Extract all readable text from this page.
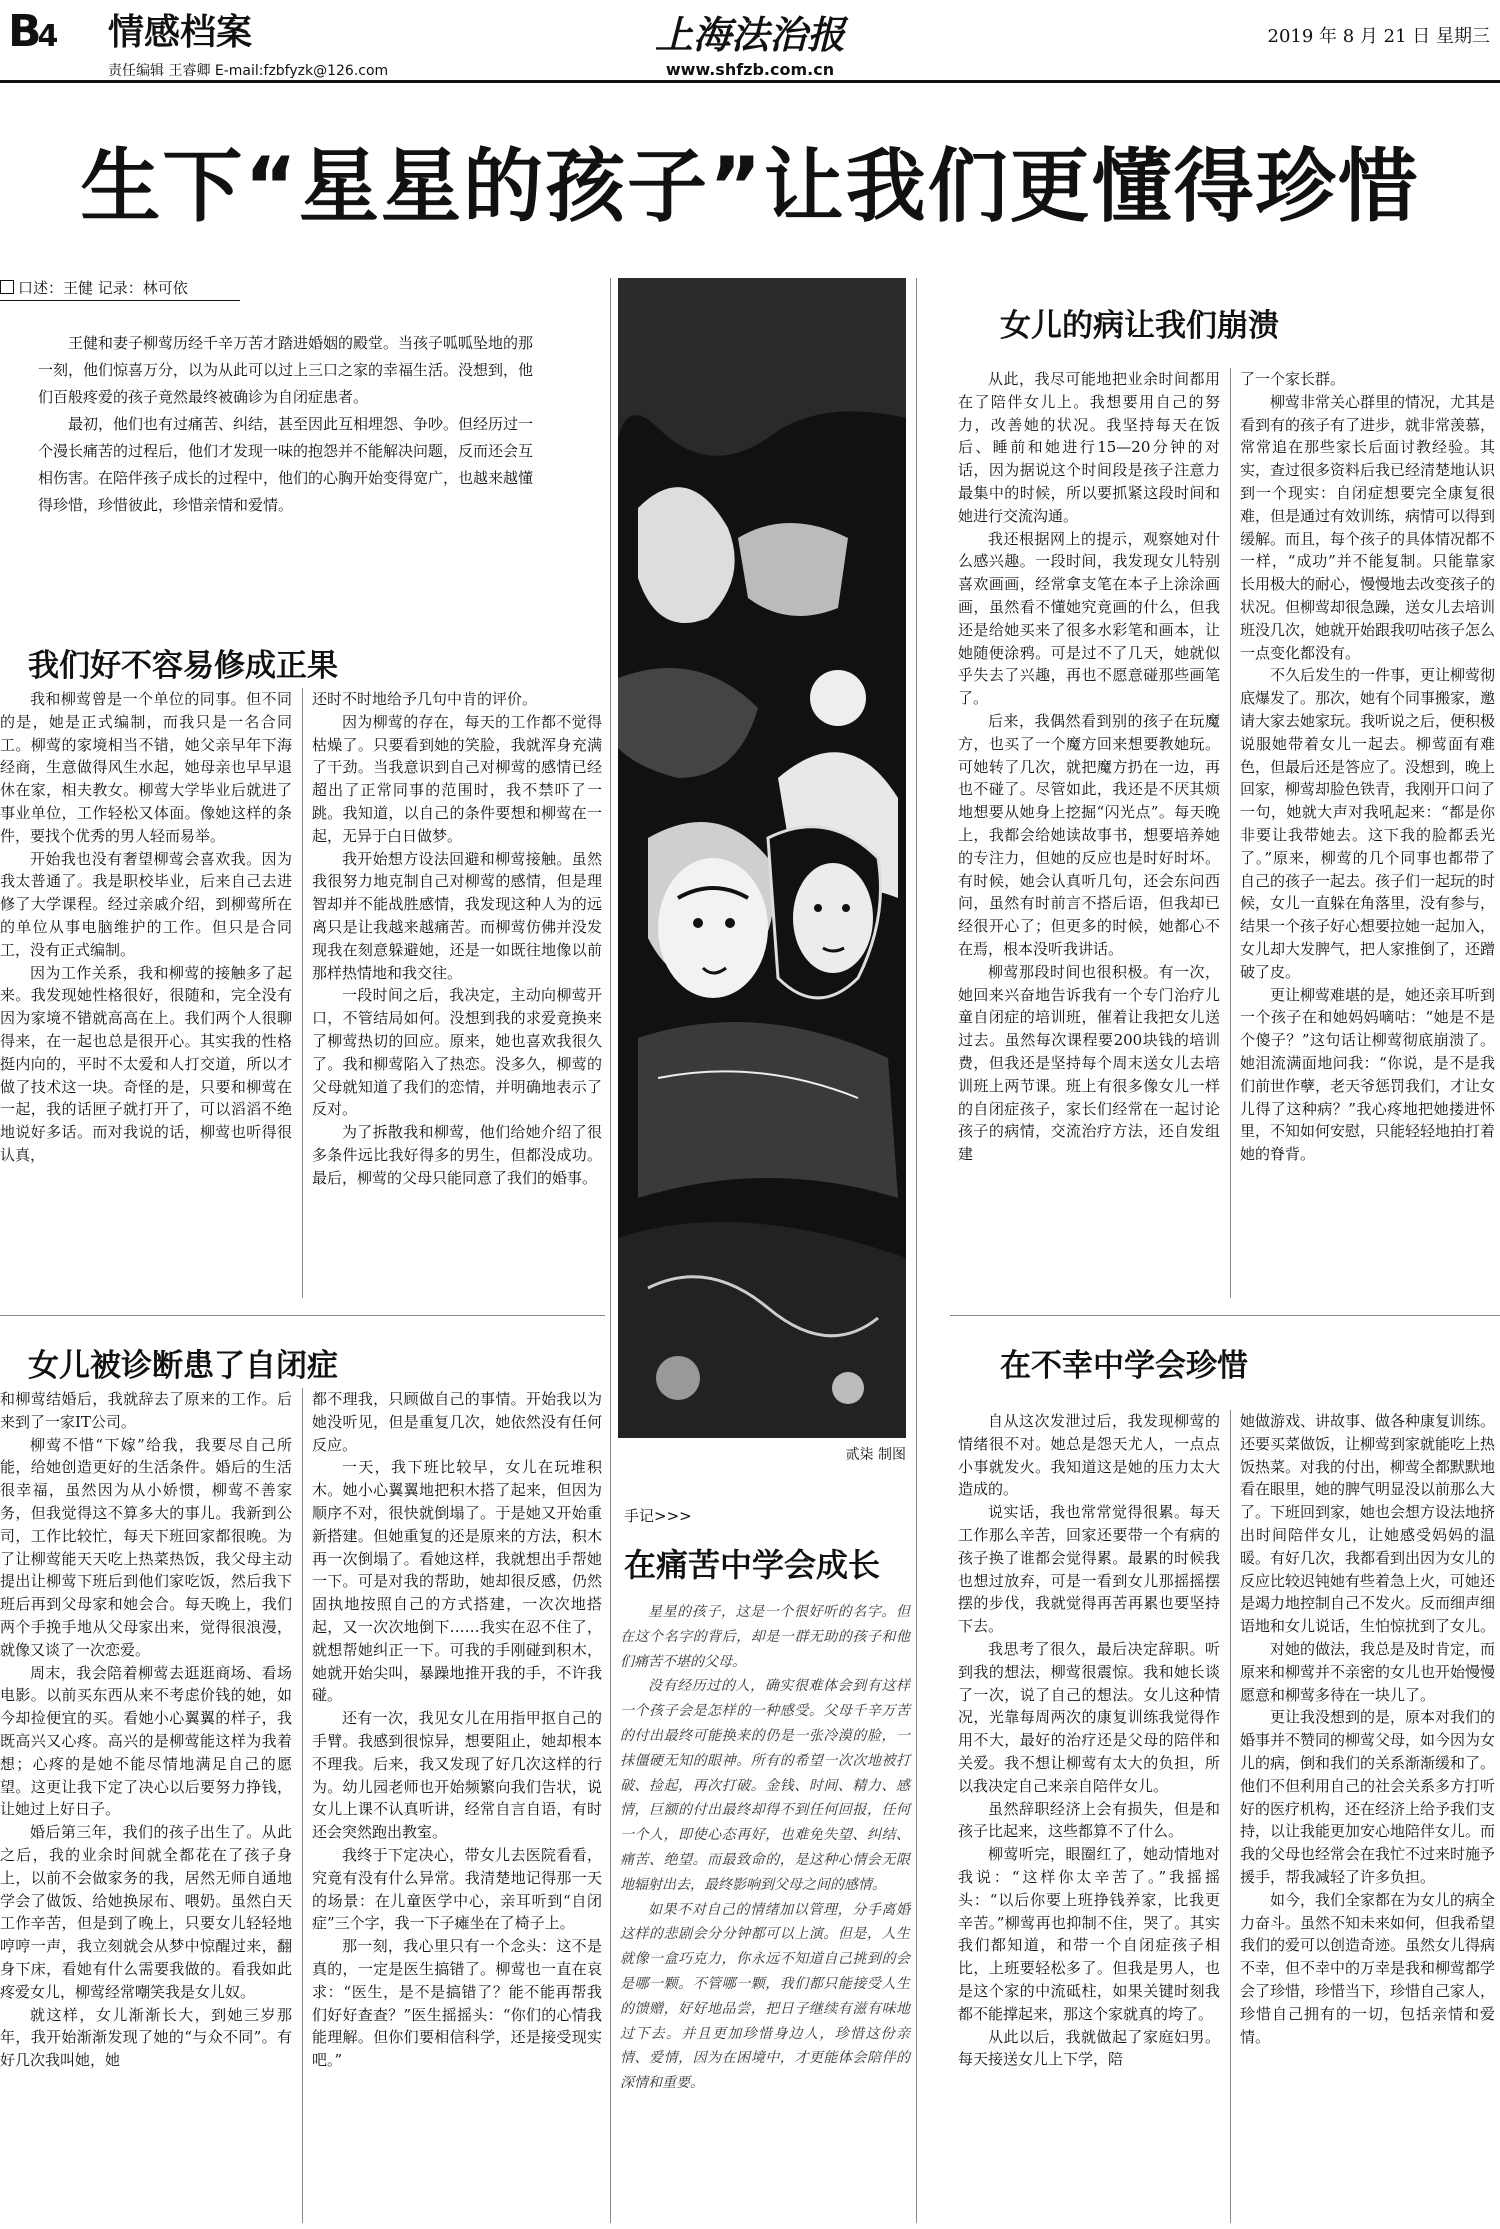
B4 情感档案
责任编辑 王睿卿 E-mail:fzbfyzk@126.com
上海法治报
www.shfzb.com.cn
2019 年 8 月 21 日 星期三
生下“星星的孩子”让我们更懂得珍惜
口述：王健 记录：林可依

王健和妻子柳莺历经千辛万苦才踏进婚姻的殿堂。当孩子呱呱坠地的那一刻，他们惊喜万分，以为从此可以过上三口之家的幸福生活。没想到，他们百般疼爱的孩子竟然最终被确诊为自闭症患者。

最初，他们也有过痛苦、纠结，甚至因此互相埋怨、争吵。但经历过一个漫长痛苦的过程后，他们才发现一味的抱怨并不能解决问题，反而还会互相伤害。在陪伴孩子成长的过程中，他们的心胸开始变得宽广，也越来越懂得珍惜，珍惜彼此，珍惜亲情和爱情。

我们好不容易修成正果

我和柳莺曾是一个单位的同事。但不同的是，她是正式编制，而我只是一名合同工。柳莺的家境相当不错，她父亲早年下海经商，生意做得风生水起，她母亲也早早退休在家，相夫教女。柳莺大学毕业后就进了事业单位，工作轻松又体面。像她这样的条件，要找个优秀的男人轻而易举。

开始我也没有奢望柳莺会喜欢我。因为我太普通了。我是职校毕业，后来自己去进修了大学课程。经过亲戚介绍，到柳莺所在的单位从事电脑维护的工作。但只是合同工，没有正式编制。

因为工作关系，我和柳莺的接触多了起来。我发现她性格很好，很随和，完全没有因为家境不错就高高在上。我们两个人很聊得来，在一起也总是很开心。其实我的性格挺内向的，平时不太爱和人打交道，所以才做了技术这一块。奇怪的是，只要和柳莺在一起，我的话匣子就打开了，可以滔滔不绝地说好多话。而对我说的话，柳莺也听得很认真，

还时不时地给予几句中肯的评价。

因为柳莺的存在，每天的工作都不觉得枯燥了。只要看到她的笑脸，我就浑身充满了干劲。当我意识到自己对柳莺的感情已经超出了正常同事的范围时，我不禁吓了一跳。我知道，以自己的条件要想和柳莺在一起，无异于白日做梦。

我开始想方设法回避和柳莺接触。虽然我很努力地克制自己对柳莺的感情，但是理智却并不能战胜感情，我发现这种人为的远离只是让我越来越痛苦。而柳莺仿佛并没发现我在刻意躲避她，还是一如既往地像以前那样热情地和我交往。

一段时间之后，我决定，主动向柳莺开口，不管结局如何。没想到我的求爱竟换来了柳莺热切的回应。原来，她也喜欢我很久了。我和柳莺陷入了热恋。没多久，柳莺的父母就知道了我们的恋情，并明确地表示了反对。

为了拆散我和柳莺，他们给她介绍了很多条件远比我好得多的男生，但都没成功。最后，柳莺的父母只能同意了我们的婚事。

女儿被诊断患了自闭症

和柳莺结婚后，我就辞去了原来的工作。后来到了一家IT公司。

柳莺不惜“下嫁”给我，我要尽自己所能，给她创造更好的生活条件。婚后的生活很幸福，虽然因为从小娇惯，柳莺不善家务，但我觉得这不算多大的事儿。我新到公司，工作比较忙，每天下班回家都很晚。为了让柳莺能天天吃上热菜热饭，我父母主动提出让柳莺下班后到他们家吃饭，然后我下班后再到父母家和她会合。每天晚上，我们两个手挽手地从父母家出来，觉得很浪漫，就像又谈了一次恋爱。

周末，我会陪着柳莺去逛逛商场、看场电影。以前买东西从来不考虑价钱的她，如今却捡便宜的买。看她小心翼翼的样子，我既高兴又心疼。高兴的是柳莺能这样为我着想；心疼的是她不能尽情地满足自己的愿望。这更让我下定了决心以后要努力挣钱，让她过上好日子。

婚后第三年，我们的孩子出生了。从此之后，我的业余时间就全都花在了孩子身上，以前不会做家务的我，居然无师自通地学会了做饭、给她换尿布、喂奶。虽然白天工作辛苦，但是到了晚上，只要女儿轻轻地哼哼一声，我立刻就会从梦中惊醒过来，翻身下床，看她有什么需要我做的。看我如此疼爱女儿，柳莺经常嘲笑我是女儿奴。

就这样，女儿渐渐长大，到她三岁那年，我开始渐渐发现了她的“与众不同”。有好几次我叫她，她

都不理我，只顾做自己的事情。开始我以为她没听见，但是重复几次，她依然没有任何反应。

一天，我下班比较早，女儿在玩堆积木。她小心翼翼地把积木搭了起来，但因为顺序不对，很快就倒塌了。于是她又开始重新搭建。但她重复的还是原来的方法，积木再一次倒塌了。看她这样，我就想出手帮她一下。可是对我的帮助，她却很反感，仍然固执地按照自己的方式搭建，一次次地搭起，又一次次地倒下……我实在忍不住了，就想帮她纠正一下。可我的手刚碰到积木，她就开始尖叫，暴躁地推开我的手，不许我碰。

还有一次，我见女儿在用指甲抠自己的手臂。我感到很惊异，想要阻止，她却根本不理我。后来，我又发现了好几次这样的行为。幼儿园老师也开始频繁向我们告状，说女儿上课不认真听讲，经常自言自语，有时还会突然跑出教室。

我终于下定决心，带女儿去医院看看，究竟有没有什么异常。我清楚地记得那一天的场景：在儿童医学中心，亲耳听到“自闭症”三个字，我一下子瘫坐在了椅子上。

那一刻，我心里只有一个念头：这不是真的，一定是医生搞错了。柳莺也一直在哀求：“医生，是不是搞错了？能不能再帮我们好好查查？”医生摇摇头：“你们的心情我能理解。但你们要相信科学，还是接受现实吧。”

贰柒 制图
手记>>>
在痛苦中学会成长

星星的孩子，这是一个很好听的名字。但在这个名字的背后，却是一群无助的孩子和他们痛苦不堪的父母。

没有经历过的人，确实很难体会到有这样一个孩子会是怎样的一种感受。父母千辛万苦的付出最终可能换来的仍是一张冷漠的脸，一抹僵硬无知的眼神。所有的希望一次次地被打破、捡起，再次打破。金钱、时间、精力、感情，巨额的付出最终却得不到任何回报，任何一个人，即使心态再好，也难免失望、纠结、痛苦、绝望。而最致命的，是这种心情会无限地辐射出去，最终影响到父母之间的感情。

如果不对自己的情绪加以管理，分手离婚这样的悲剧会分分钟都可以上演。但是，人生就像一盒巧克力，你永远不知道自己挑到的会是哪一颗。不管哪一颗，我们都只能接受人生的馈赠，好好地品尝，把日子继续有滋有味地过下去。并且更加珍惜身边人，珍惜这份亲情、爱情，因为在困境中，才更能体会陪伴的深情和重要。

女儿的病让我们崩溃

从此，我尽可能地把业余时间都用在了陪伴女儿上。我想要用自己的努力，改善她的状况。我坚持每天在饭后、睡前和她进行15—20分钟的对话，因为据说这个时间段是孩子注意力最集中的时候，所以要抓紧这段时间和她进行交流沟通。

我还根据网上的提示，观察她对什么感兴趣。一段时间，我发现女儿特别喜欢画画，经常拿支笔在本子上涂涂画画，虽然看不懂她究竟画的什么，但我还是给她买来了很多水彩笔和画本，让她随便涂鸦。可是过不了几天，她就似乎失去了兴趣，再也不愿意碰那些画笔了。

后来，我偶然看到别的孩子在玩魔方，也买了一个魔方回来想要教她玩。可她转了几次，就把魔方扔在一边，再也不碰了。尽管如此，我还是不厌其烦地想要从她身上挖掘“闪光点”。每天晚上，我都会给她读故事书，想要培养她的专注力，但她的反应也是时好时坏。有时候，她会认真听几句，还会东问西问，虽然有时前言不搭后语，但我却已经很开心了；但更多的时候，她都心不在焉，根本没听我讲话。

柳莺那段时间也很积极。有一次，她回来兴奋地告诉我有一个专门治疗儿童自闭症的培训班，催着让我把女儿送过去。虽然每次课程要200块钱的培训费，但我还是坚持每个周末送女儿去培训班上两节课。班上有很多像女儿一样的自闭症孩子，家长们经常在一起讨论孩子的病情，交流治疗方法，还自发组建

了一个家长群。

柳莺非常关心群里的情况，尤其是看到有的孩子有了进步，就非常羡慕，常常追在那些家长后面讨教经验。其实，查过很多资料后我已经清楚地认识到一个现实：自闭症想要完全康复很难，但是通过有效训练，病情可以得到缓解。而且，每个孩子的具体情况都不一样，“成功”并不能复制。只能靠家长用极大的耐心，慢慢地去改变孩子的状况。但柳莺却很急躁，送女儿去培训班没几次，她就开始跟我叨咕孩子怎么一点变化都没有。

不久后发生的一件事，更让柳莺彻底爆发了。那次，她有个同事搬家，邀请大家去她家玩。我听说之后，便积极说服她带着女儿一起去。柳莺面有难色，但最后还是答应了。没想到，晚上回家，柳莺却脸色铁青，我刚开口问了一句，她就大声对我吼起来：“都是你非要让我带她去。这下我的脸都丢光了。”原来，柳莺的几个同事也都带了自己的孩子一起去。孩子们一起玩的时候，女儿一直躲在角落里，没有参与，结果一个孩子好心想要拉她一起加入，女儿却大发脾气，把人家推倒了，还蹭破了皮。

更让柳莺难堪的是，她还亲耳听到一个孩子在和她妈妈嘀咕：“她是不是个傻子？”这句话让柳莺彻底崩溃了。她泪流满面地问我：“你说，是不是我们前世作孽，老天爷惩罚我们，才让女儿得了这种病？”我心疼地把她搂进怀里，不知如何安慰，只能轻轻地拍打着她的脊背。

在不幸中学会珍惜

自从这次发泄过后，我发现柳莺的情绪很不对。她总是怨天尤人，一点点小事就发火。我知道这是她的压力太大造成的。

说实话，我也常常觉得很累。每天工作那么辛苦，回家还要带一个有病的孩子换了谁都会觉得累。最累的时候我也想过放弃，可是一看到女儿那摇摇摆摆的步伐，我就觉得再苦再累也要坚持下去。

我思考了很久，最后决定辞职。听到我的想法，柳莺很震惊。我和她长谈了一次，说了自己的想法。女儿这种情况，光靠每周两次的康复训练我觉得作用不大，最好的治疗还是父母的陪伴和关爱。我不想让柳莺有太大的负担，所以我决定自己来亲自陪伴女儿。

虽然辞职经济上会有损失，但是和孩子比起来，这些都算不了什么。

柳莺听完，眼圈红了，她动情地对我说：“这样你太辛苦了。”我摇摇头：“以后你要上班挣钱养家，比我更辛苦。”柳莺再也抑制不住，哭了。其实我们都知道，和带一个自闭症孩子相比，上班要轻松多了。但我是男人，也是这个家的中流砥柱，如果关键时刻我都不能撑起来，那这个家就真的垮了。

从此以后，我就做起了家庭妇男。每天接送女儿上下学，陪

她做游戏、讲故事、做各种康复训练。还要买菜做饭，让柳莺到家就能吃上热饭热菜。对我的付出，柳莺全都默默地看在眼里，她的脾气明显没以前那么大了。下班回到家，她也会想方设法地挤出时间陪伴女儿，让她感受妈妈的温暖。有好几次，我都看到出因为女儿的反应比较迟钝她有些着急上火，可她还是竭力地控制自己不发火。反而细声细语地和女儿说话，生怕惊扰到了女儿。

对她的做法，我总是及时肯定，而原来和柳莺并不亲密的女儿也开始慢慢愿意和柳莺多待在一块儿了。

更让我没想到的是，原本对我们的婚事并不赞同的柳莺父母，如今因为女儿的病，倒和我们的关系渐渐缓和了。他们不但利用自己的社会关系多方打听好的医疗机构，还在经济上给予我们支持，以让我能更加安心地陪伴女儿。而我的父母也经常会在我忙不过来时施予援手，帮我减轻了许多负担。

如今，我们全家都在为女儿的病全力奋斗。虽然不知未来如何，但我希望我们的爱可以创造奇迹。虽然女儿得病不幸，但不幸中的万幸是我和柳莺都学会了珍惜，珍惜当下，珍惜自己家人，珍惜自己拥有的一切，包括亲情和爱情。
